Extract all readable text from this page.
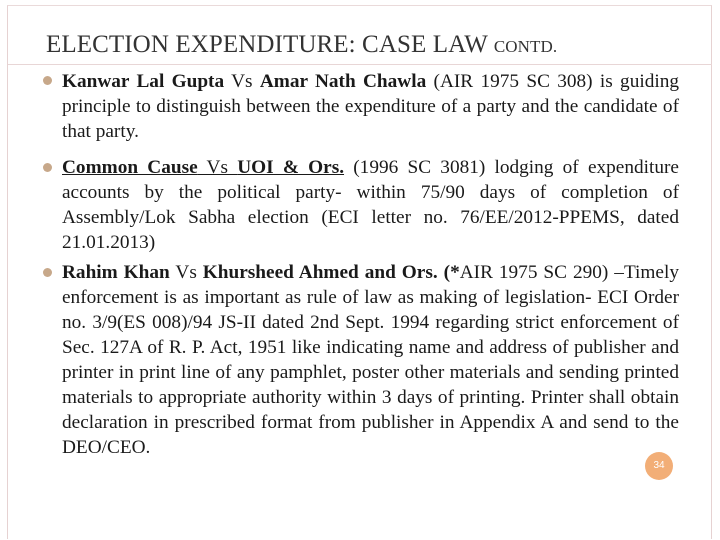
ELECTION EXPENDITURE: CASE LAW CONTD.
Kanwar Lal Gupta Vs Amar Nath Chawla (AIR 1975 SC 308) is guiding principle to distinguish between the expenditure of a party and the candidate of that party.
Common Cause Vs UOI & Ors. (1996 SC 3081) lodging of expenditure accounts by the political party- within 75/90 days of completion of Assembly/Lok Sabha election (ECI letter no. 76/EE/2012-PPEMS, dated 21.01.2013)
Rahim Khan Vs Khursheed Ahmed and Ors. (*AIR 1975 SC 290) –Timely enforcement is as important as rule of law as making of legislation- ECI Order no. 3/9(ES 008)/94 JS-II dated 2nd Sept. 1994 regarding strict enforcement of Sec. 127A of R. P. Act, 1951 like indicating name and address of publisher and printer in print line of any pamphlet, poster other materials and sending printed materials to appropriate authority within 3 days of printing. Printer shall obtain declaration in prescribed format from publisher in Appendix A and send to the DEO/CEO.
34
